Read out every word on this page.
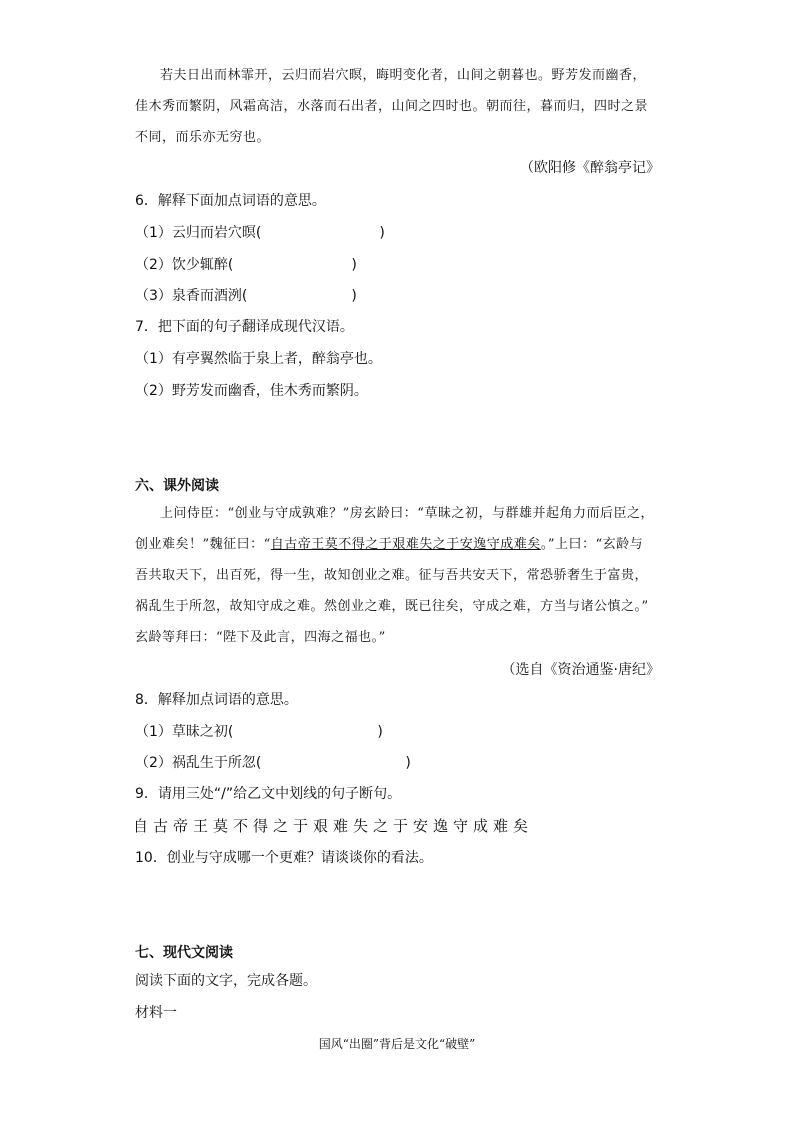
若夫日出而林霏开，云归而岩穴暝，晦明变化者，山间之朝暮也。野芳发而幽香，
佳木秀而繁阴，风霜高洁，水落而石出者，山间之四时也。朝而往，暮而归，四时之景
不同，而乐亦无穷也。
（欧阳修《醉翁亭记》
6．解释下面加点词语的意思。
（1）云归而岩穴暝(	)
（2）饮少辄醉(	)
（3）泉香而酒洌(	)
7．把下面的句子翻译成现代汉语。
（1）有亭翼然临于泉上者，醉翁亭也。
（2）野芳发而幽香，佳木秀而繁阴。
六、课外阅读
上问侍臣：“创业与守成孰难？”房玄龄曰：“草昧之初，与群雄并起角力而后臣之，
创业难矣！”魏征曰：“自古帝王莫不得之于艰难失之于安逸守成难矣。”上曰：“玄龄与
吾共取天下，出百死，得一生，故知创业之难。征与吾共安天下，常恐骄奢生于富贵，
祸乱生于所忽，故知守成之难。然创业之难，既已往矣，守成之难，方当与诸公慎之。”
玄龄等拜曰：“陛下及此言，四海之福也。”
（选自《资治通鉴·唐纪》
8．解释加点词语的意思。
（1）草昧之初(	)
（2）祸乱生于所忽(	)
9．请用三处“/”给乙文中划线的句子断句。
自古帝王莫不得之于艰难失之于安逸守成难矣
10．创业与守成哪一个更难？请谈谈你的看法。
七、现代文阅读
阅读下面的文字，完成各题。
材料一
国风“出圈”背后是文化“破壁”
